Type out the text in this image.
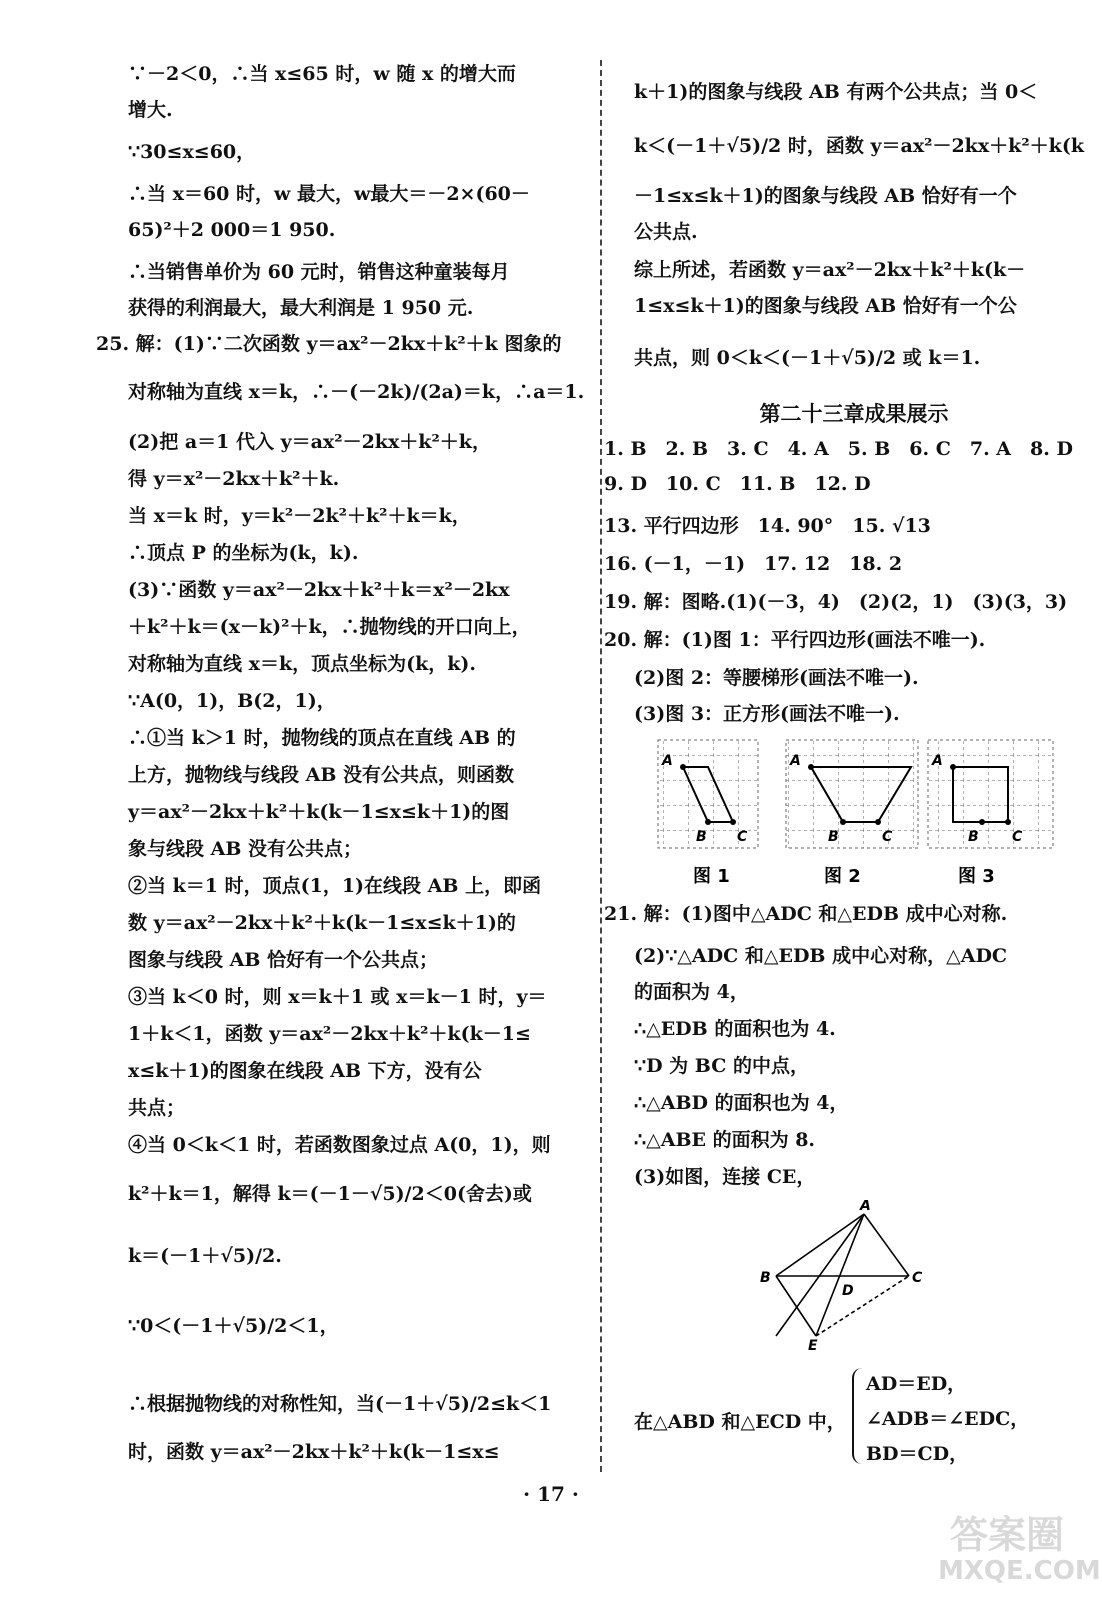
∵－2＜0，∴当 x≤65 时，w 随 x 的增大而
增大.
∵30≤x≤60，
∴当 x＝60 时，w 最大，w最大＝－2×(60－
65)²＋2 000＝1 950.
∴当销售单价为 60 元时，销售这种童装每月
获得的利润最大，最大利润是 1 950 元.
25. 解：(1)∵二次函数 y＝ax²－2kx＋k²＋k 图象的
对称轴为直线 x＝k，∴－(－2k)/(2a)＝k，∴a＝1.
(2)把 a＝1 代入 y＝ax²－2kx＋k²＋k，
得 y＝x²－2kx＋k²＋k.
当 x＝k 时，y＝k²－2k²＋k²＋k＝k，
∴顶点 P 的坐标为(k，k).
(3)∵函数 y＝ax²－2kx＋k²＋k＝x²－2kx
＋k²＋k＝(x－k)²＋k，∴抛物线的开口向上，
对称轴为直线 x＝k，顶点坐标为(k，k).
∵A(0，1)，B(2，1)，
∴①当 k＞1 时，抛物线的顶点在直线 AB 的
上方，抛物线与线段 AB 没有公共点，则函数
y＝ax²－2kx＋k²＋k(k－1≤x≤k＋1)的图
象与线段 AB 没有公共点；
②当 k＝1 时，顶点(1，1)在线段 AB 上，即函
数 y＝ax²－2kx＋k²＋k(k－1≤x≤k＋1)的
图象与线段 AB 恰好有一个公共点；
③当 k＜0 时，则 x＝k＋1 或 x＝k－1 时，y＝
1＋k＜1，函数 y＝ax²－2kx＋k²＋k(k－1≤
x≤k＋1)的图象在线段 AB 下方，没有公
共点；
④当 0＜k＜1 时，若函数图象过点 A(0，1)，则
k²＋k＝1，解得 k＝(－1－√5)/2＜0(舍去)或
k＝(－1＋√5)/2.
∵0＜(－1＋√5)/2＜1，
∴根据抛物线的对称性知，当(－1＋√5)/2≤k＜1
时，函数 y＝ax²－2kx＋k²＋k(k－1≤x≤
k＋1)的图象与线段 AB 有两个公共点；当 0＜
k＜(－1＋√5)/2 时，函数 y＝ax²－2kx＋k²＋k(k
－1≤x≤k＋1)的图象与线段 AB 恰好有一个
公共点.
综上所述，若函数 y＝ax²－2kx＋k²＋k(k－
1≤x≤k＋1)的图象与线段 AB 恰好有一个公
共点，则 0＜k＜(－1＋√5)/2 或 k＝1.
第二十三章成果展示
1. B　2. B　3. C　4. A　5. B　6. C　7. A　8. D
9. D　10. C　11. B　12. D
13. 平行四边形　14. 90°　15. √13
16. (－1，－1)　17. 12　18. 2
19. 解：图略.(1)(－3，4)　(2)(2，1)　(3)(3，3)
20. 解：(1)图 1：平行四边形(画法不唯一).
(2)图 2：等腰梯形(画法不唯一).
(3)图 3：正方形(画法不唯一).
A
B C
A
B	C
A
B C
图 1	图 2	图 3
21. 解：(1)图中△ADC 和△EDB 成中心对称.
(2)∵△ADC 和△EDB 成中心对称，△ADC
的面积为 4，
∴△EDB 的面积也为 4.
∵D 为 BC 的中点，
∴△ABD 的面积也为 4，
∴△ABE 的面积为 8.
(3)如图，连接 CE，
A
B	C
D
E
在△ABD 和△ECD 中，
AD＝ED，
∠ADB＝∠EDC，
BD＝CD，
· 17 ·
答案圈
MXQE.COM
